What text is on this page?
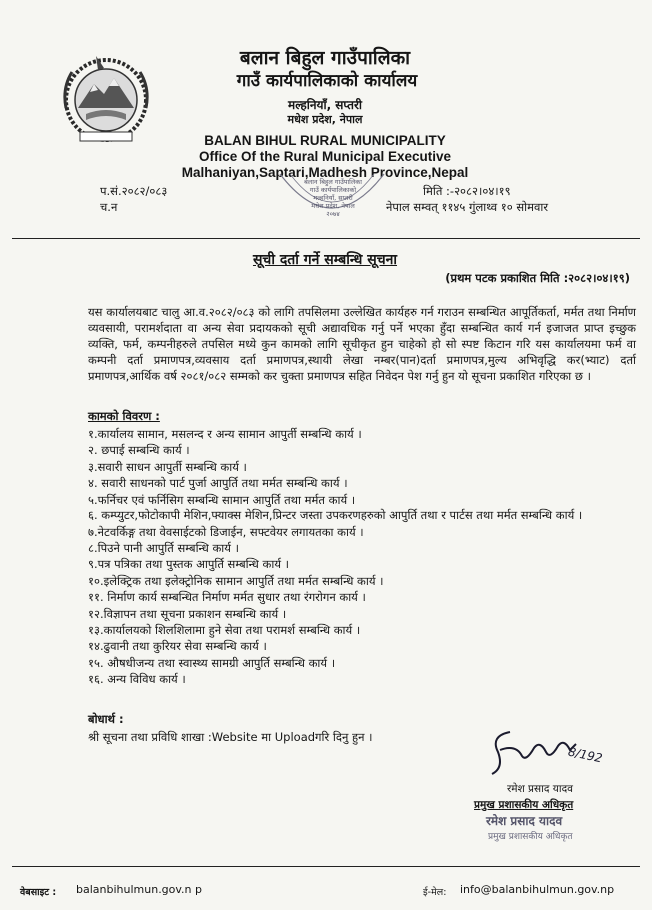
बलान बिहुल गाउँपालिका
गाउँ कार्यपालिकाको कार्यालय
मल्हनियाँ, सप्तरी
मधेश प्रदेश, नेपाल
BALAN BIHUL RURAL MUNICIPALITY
Office Of the Rural Municipal Executive
Malhaniyan,Saptari,Madhesh Province,Nepal
बलान बिहुल गाउँपालिका
गाउँ कार्यपालिकाको
मल्हनियाँ, सप्तरी
मधेश प्रदेश, नेपाल
२०७४
प.सं.२०८२/०८३
च.न
मिति :-२०८२।०४।१९
नेपाल सम्वत् ११४५ गुंलाथ्व १० सोमवार
सूची दर्ता गर्ने सम्बन्धि सूचना
(प्रथम पटक प्रकाशित मिति :२०८२।०४।१९)
यस कार्यालयबाट चालु आ.व.२०८२/०८३ को लागि तपसिलमा उल्लेखित कार्यहरु गर्न गराउन सम्बन्धित आपूर्तिकर्ता, मर्मत तथा निर्माण व्यवसायी, परामर्शदाता वा अन्य सेवा प्रदायकको सूची अद्यावधिक गर्नु पर्ने भएका हुँदा सम्बन्धित कार्य गर्न इजाजत प्राप्त इच्छुक व्यक्ति, फर्म, कम्पनीहरुले तपसिल मध्ये कुन कामको लागि सूचीकृत हुन चाहेको हो सो स्पष्ट किटान गरि यस कार्यालयमा फर्म वा कम्पनी दर्ता प्रमाणपत्र,व्यवसाय दर्ता प्रमाणपत्र,स्थायी लेखा नम्बर(पान)दर्ता प्रमाणपत्र,मुल्य अभिवृद्धि कर(भ्याट) दर्ता प्रमाणपत्र,आर्थिक वर्ष २०८१/०८२ सम्मको कर चुक्ता प्रमाणपत्र सहित निवेदन पेश गर्नु हुन यो सूचना प्रकाशित गरिएका छ ।
कामको विवरण :
१.कार्यालय सामान, मसलन्द र अन्य सामान आपुर्ती सम्बन्धि कार्य ।
२. छपाई सम्बन्धि कार्य ।
३.सवारी साधन आपुर्ती सम्बन्धि कार्य ।
४. सवारी साधनको पार्ट पुर्जा आपुर्ति तथा मर्मत सम्बन्धि कार्य ।
५.फर्निचर एवं फर्निसिग सम्बन्धि सामान आपुर्ति तथा मर्मत कार्य ।
६. कम्प्युटर,फोटोकापी मेशिन,फ्याक्स मेशिन,प्रिन्टर जस्ता उपकरणहरुको आपुर्ति तथा र पार्टस तथा मर्मत सम्बन्धि कार्य ।
७.नेटवर्किङ्ग तथा वेवसाईटको डिजाईन, सफ्टवेयर लगायतका कार्य ।
८.पिउने पानी आपुर्ति सम्बन्धि कार्य ।
९.पत्र पत्रिका तथा पुस्तक आपुर्ति सम्बन्धि कार्य ।
१०.इलेक्ट्रिक तथा इलेक्ट्रोनिक सामान आपुर्ति तथा मर्मत सम्बन्धि कार्य ।
११. निर्माण कार्य सम्बन्धित निर्माण मर्मत सुधार तथा रंगरोगन कार्य ।
१२.विज्ञापन तथा सूचना प्रकाशन सम्बन्धि कार्य ।
१३.कार्यालयको शिलशिलामा हुने सेवा तथा परामर्श सम्बन्धि कार्य ।
१४.ढुवानी तथा कुरियर सेवा सम्बन्धि कार्य ।
१५. औषधीजन्य तथा स्वास्थ्य सामग्री आपुर्ति सम्बन्धि कार्य ।
१६. अन्य विविध कार्य ।
बोधार्थ :
श्री सूचना तथा प्रविधि शाखा :Website मा Uploadगरि दिनु हुन ।
8/192
रमेश प्रसाद यादव
प्रमुख प्रशासकीय अधिकृत
रमेश प्रसाद यादव
प्रमुख प्रशासकीय अधिकृत
वेबसाइट : balanbihulmun.gov.n p	ई-मेल: info@balanbihulmun.gov.np
